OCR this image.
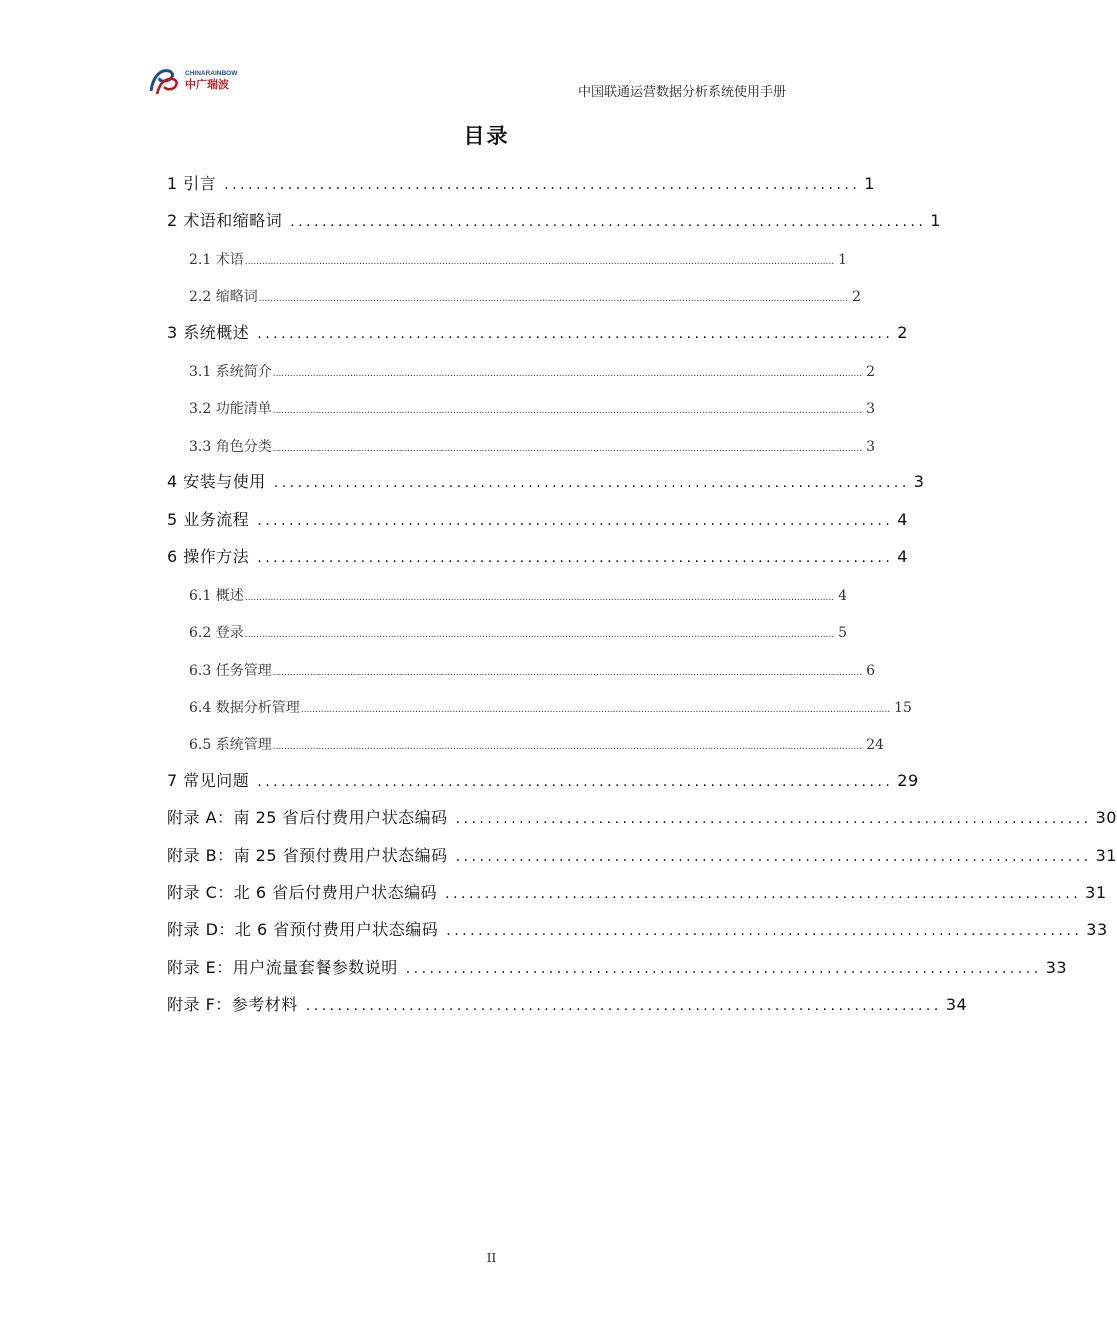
CHINARAINBOW
中广瑞波
中国联通运营数据分析系统使用手册
目录
1 引言 ................................................................................ 1
2 术语和缩略词 ................................................................................ 1
2.1 术语 .............................................................................................................................................................................................................. 1
2.2 缩略词 .............................................................................................................................................................................................................. 2
3 系统概述 ................................................................................ 2
3.1 系统简介 .............................................................................................................................................................................................................. 2
3.2 功能清单 .............................................................................................................................................................................................................. 3
3.3 角色分类 .............................................................................................................................................................................................................. 3
4 安装与使用 ................................................................................ 3
5 业务流程 ................................................................................ 4
6 操作方法 ................................................................................ 4
6.1 概述 .............................................................................................................................................................................................................. 4
6.2 登录 .............................................................................................................................................................................................................. 5
6.3 任务管理 .............................................................................................................................................................................................................. 6
6.4 数据分析管理 .............................................................................................................................................................................................................. 15
6.5 系统管理 .............................................................................................................................................................................................................. 24
7 常见问题 ................................................................................ 29
附录 A：南 25 省后付费用户状态编码 ................................................................................ 30
附录 B：南 25 省预付费用户状态编码 ................................................................................ 31
附录 C：北 6 省后付费用户状态编码 ................................................................................ 31
附录 D：北 6 省预付费用户状态编码 ................................................................................ 33
附录 E：用户流量套餐参数说明 ................................................................................ 33
附录 F：参考材料 ................................................................................ 34
II
